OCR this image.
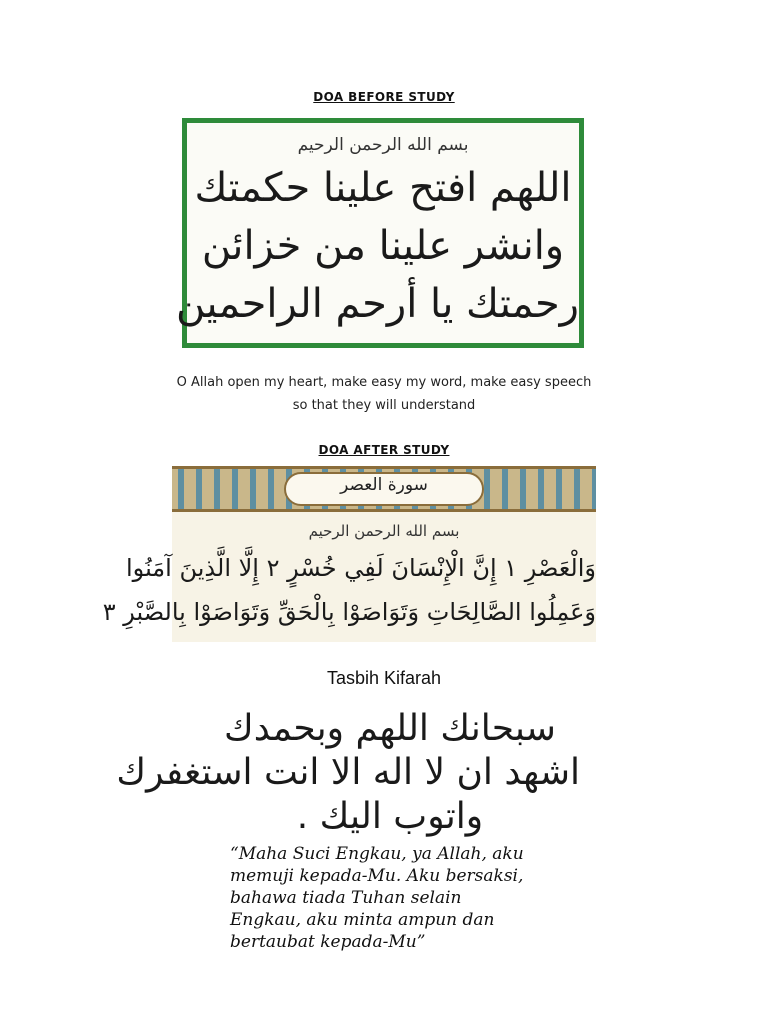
DOA BEFORE STUDY
بسم الله الرحمن الرحيم
اللهم افتح علينا حكمتك
وانشر علينا من خزائن
رحمتك يا أرحم الراحمين
O Allah open my heart, make easy my word, make easy speech
so that they will understand
DOA AFTER STUDY
سورة العصر
بسم الله الرحمن الرحيم
وَالْعَصْرِ ١ إِنَّ الْإِنْسَانَ لَفِي خُسْرٍ ٢ إِلَّا الَّذِينَ آمَنُوا
وَعَمِلُوا الصَّالِحَاتِ وَتَوَاصَوْا بِالْحَقِّ وَتَوَاصَوْا بِالصَّبْرِ ٣
Tasbih Kifarah
سبحانك اللهم وبحمدك
اشهد ان لا اله الا انت استغفرك
واتوب اليك .
“Maha Suci Engkau, ya Allah, aku
memuji kepada-Mu. Aku bersaksi,
bahawa tiada Tuhan selain
Engkau, aku minta ampun dan
bertaubat kepada-Mu”
